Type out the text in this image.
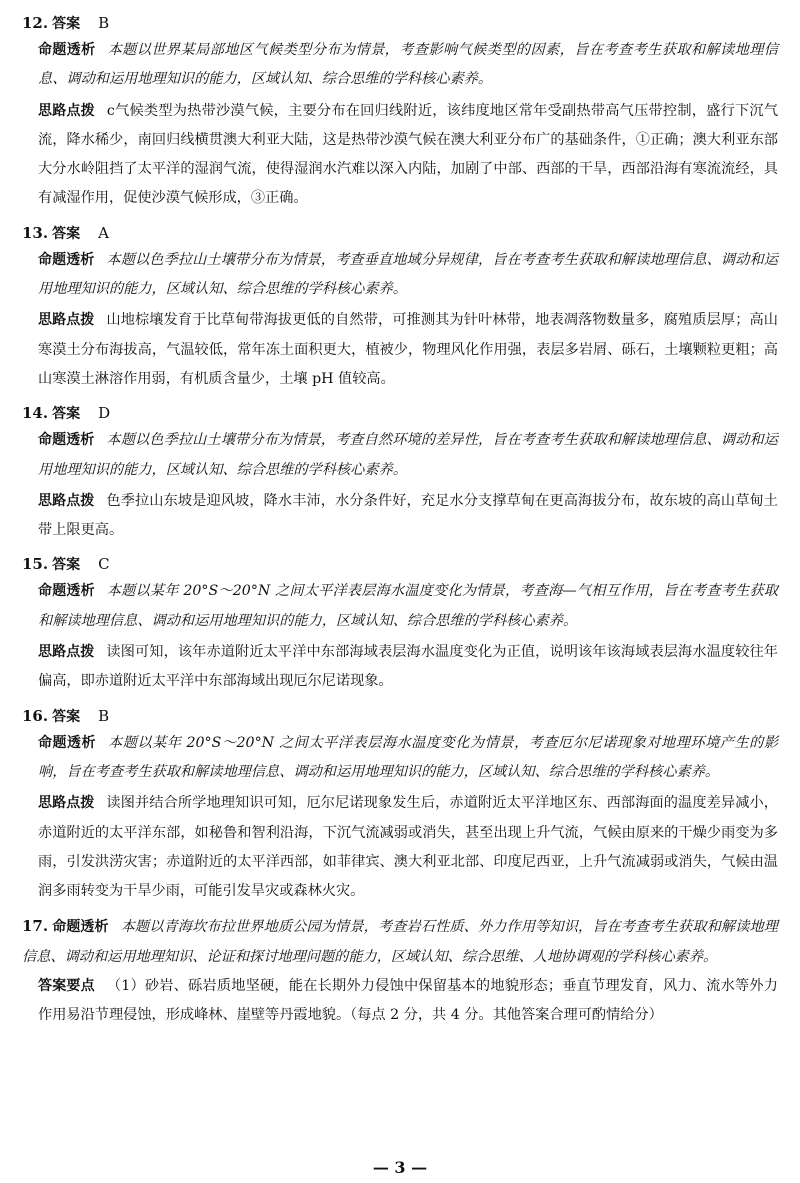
12. 答案 B
命题透析 本题以世界某局部地区气候类型分布为情景，考查影响气候类型的因素，旨在考查考生获取和解读地理信息、调动和运用地理知识的能力，区域认知、综合思维的学科核心素养。
思路点拨 c气候类型为热带沙漠气候，主要分布在回归线附近，该纬度地区常年受副热带高气压带控制，盛行下沉气流，降水稀少，南回归线横贯澳大利亚大陆，这是热带沙漠气候在澳大利亚分布广的基础条件，①正确；澳大利亚东部大分水岭阻挡了太平洋的湿润气流，使得湿润水汽难以深入内陆，加剧了中部、西部的干旱，西部沿海有寒流流经，具有减湿作用，促使沙漠气候形成，③正确。
13. 答案 A
命题透析 本题以色季拉山土壤带分布为情景，考查垂直地域分异规律，旨在考查考生获取和解读地理信息、调动和运用地理知识的能力，区域认知、综合思维的学科核心素养。
思路点拨 山地棕壤发育于比草甸带海拔更低的自然带，可推测其为针叶林带，地表凋落物数量多，腐殖质层厚；高山寒漠土分布海拔高，气温较低，常年冻土面积更大，植被少，物理风化作用强，表层多岩屑、砾石，土壤颗粒更粗；高山寒漠土淋溶作用弱，有机质含量少，土壤 pH 值较高。
14. 答案 D
命题透析 本题以色季拉山土壤带分布为情景，考查自然环境的差异性，旨在考查考生获取和解读地理信息、调动和运用地理知识的能力，区域认知、综合思维的学科核心素养。
思路点拨 色季拉山东坡是迎风坡，降水丰沛，水分条件好，充足水分支撑草甸在更高海拔分布，故东坡的高山草甸土带上限更高。
15. 答案 C
命题透析 本题以某年 20°S～20°N 之间太平洋表层海水温度变化为情景，考查海—气相互作用，旨在考查考生获取和解读地理信息、调动和运用地理知识的能力，区域认知、综合思维的学科核心素养。
思路点拨 读图可知，该年赤道附近太平洋中东部海域表层海水温度变化为正值，说明该年该海域表层海水温度较往年偏高，即赤道附近太平洋中东部海域出现厄尔尼诺现象。
16. 答案 B
命题透析 本题以某年 20°S～20°N 之间太平洋表层海水温度变化为情景，考查厄尔尼诺现象对地理环境产生的影响，旨在考查考生获取和解读地理信息、调动和运用地理知识的能力，区域认知、综合思维的学科核心素养。
思路点拨 读图并结合所学地理知识可知，厄尔尼诺现象发生后，赤道附近太平洋地区东、西部海面的温度差异减小，赤道附近的太平洋东部，如秘鲁和智利沿海，下沉气流减弱或消失，甚至出现上升气流，气候由原来的干燥少雨变为多雨，引发洪涝灾害；赤道附近的太平洋西部，如菲律宾、澳大利亚北部、印度尼西亚，上升气流减弱或消失，气候由温润多雨转变为干旱少雨，可能引发旱灾或森林火灾。
17. 命题透析 本题以青海坎布拉世界地质公园为情景，考查岩石性质、外力作用等知识，旨在考查考生获取和解读地理信息、调动和运用地理知识、论证和探讨地理问题的能力，区域认知、综合思维、人地协调观的学科核心素养。
答案要点 （1）砂岩、砾岩质地坚硬，能在长期外力侵蚀中保留基本的地貌形态；垂直节理发育，风力、流水等外力作用易沿节理侵蚀，形成峰林、崖壁等丹霞地貌。（每点 2 分，共 4 分。其他答案合理可酌情给分）
— 3 —
